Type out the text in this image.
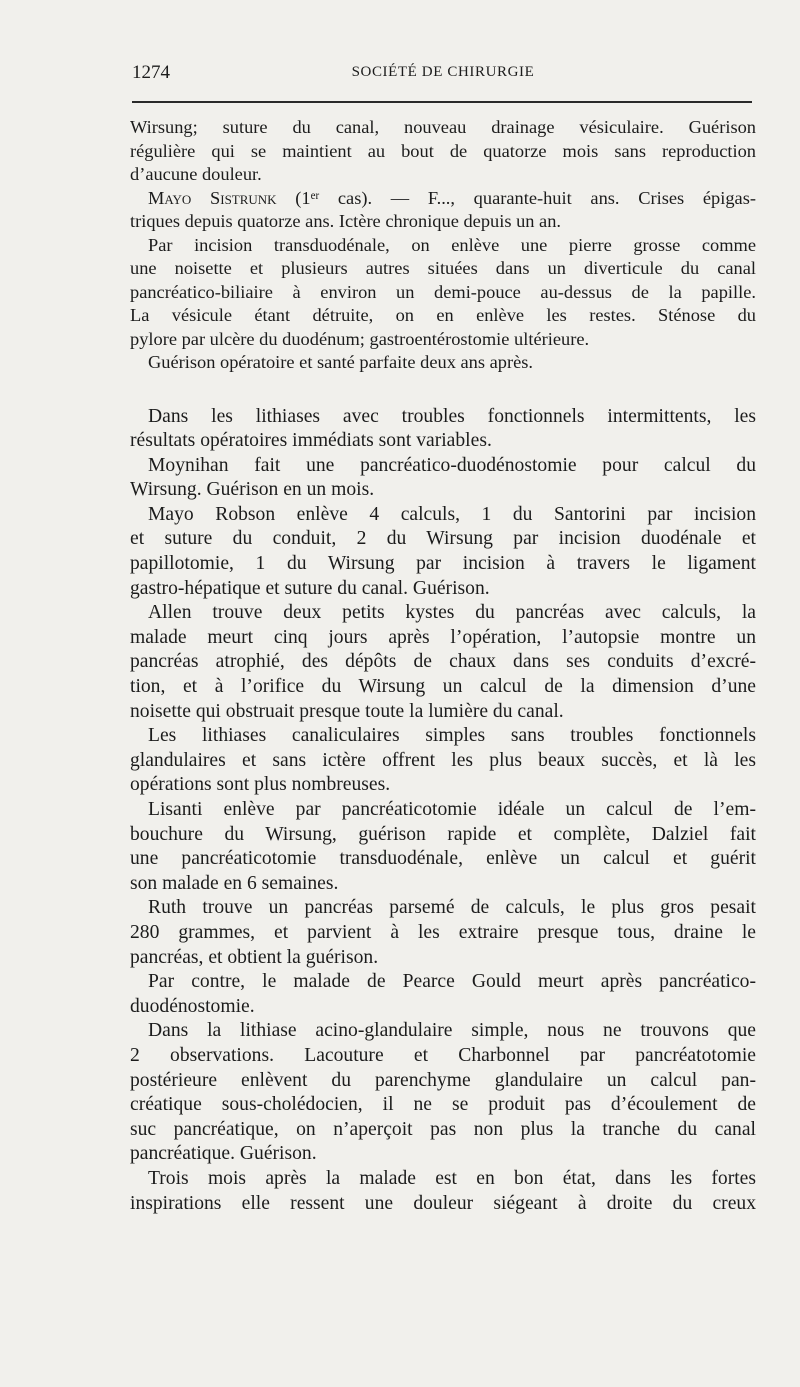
1274	SOCIÉTÉ DE CHIRURGIE
Wirsung; suture du canal, nouveau drainage vésiculaire. Guérison
régulière qui se maintient au bout de quatorze mois sans reproduction
d’aucune douleur.
Mayo Sistrunk (1er cas). — F..., quarante-huit ans. Crises épigas-
triques depuis quatorze ans. Ictère chronique depuis un an.
Par incision transduodénale, on enlève une pierre grosse comme
une noisette et plusieurs autres situées dans un diverticule du canal
pancréatico-biliaire à environ un demi-pouce au-dessus de la papille.
La vésicule étant détruite, on en enlève les restes. Sténose du
pylore par ulcère du duodénum; gastroentérostomie ultérieure.
Guérison opératoire et santé parfaite deux ans après.
Dans les lithiases avec troubles fonctionnels intermittents, les
résultats opératoires immédiats sont variables.
Moynihan fait une pancréatico-duodénostomie pour calcul du
Wirsung. Guérison en un mois.
Mayo Robson enlève 4 calculs, 1 du Santorini par incision
et suture du conduit, 2 du Wirsung par incision duodénale et
papillotomie, 1 du Wirsung par incision à travers le ligament
gastro-hépatique et suture du canal. Guérison.
Allen trouve deux petits kystes du pancréas avec calculs, la
malade meurt cinq jours après l’opération, l’autopsie montre un
pancréas atrophié, des dépôts de chaux dans ses conduits d’excré-
tion, et à l’orifice du Wirsung un calcul de la dimension d’une
noisette qui obstruait presque toute la lumière du canal.
Les lithiases canaliculaires simples sans troubles fonctionnels
glandulaires et sans ictère offrent les plus beaux succès, et là les
opérations sont plus nombreuses.
Lisanti enlève par pancréaticotomie idéale un calcul de l’em-
bouchure du Wirsung, guérison rapide et complète, Dalziel fait
une pancréaticotomie transduodénale, enlève un calcul et guérit
son malade en 6 semaines.
Ruth trouve un pancréas parsemé de calculs, le plus gros pesait
280 grammes, et parvient à les extraire presque tous, draine le
pancréas, et obtient la guérison.
Par contre, le malade de Pearce Gould meurt après pancréatico-
duodénostomie.
Dans la lithiase acino-glandulaire simple, nous ne trouvons que
2 observations. Lacouture et Charbonnel par pancréatotomie
postérieure enlèvent du parenchyme glandulaire un calcul pan-
créatique sous-cholédocien, il ne se produit pas d’écoulement de
suc pancréatique, on n’aperçoit pas non plus la tranche du canal
pancréatique. Guérison.
Trois mois après la malade est en bon état, dans les fortes
inspirations elle ressent une douleur siégeant à droite du creux
